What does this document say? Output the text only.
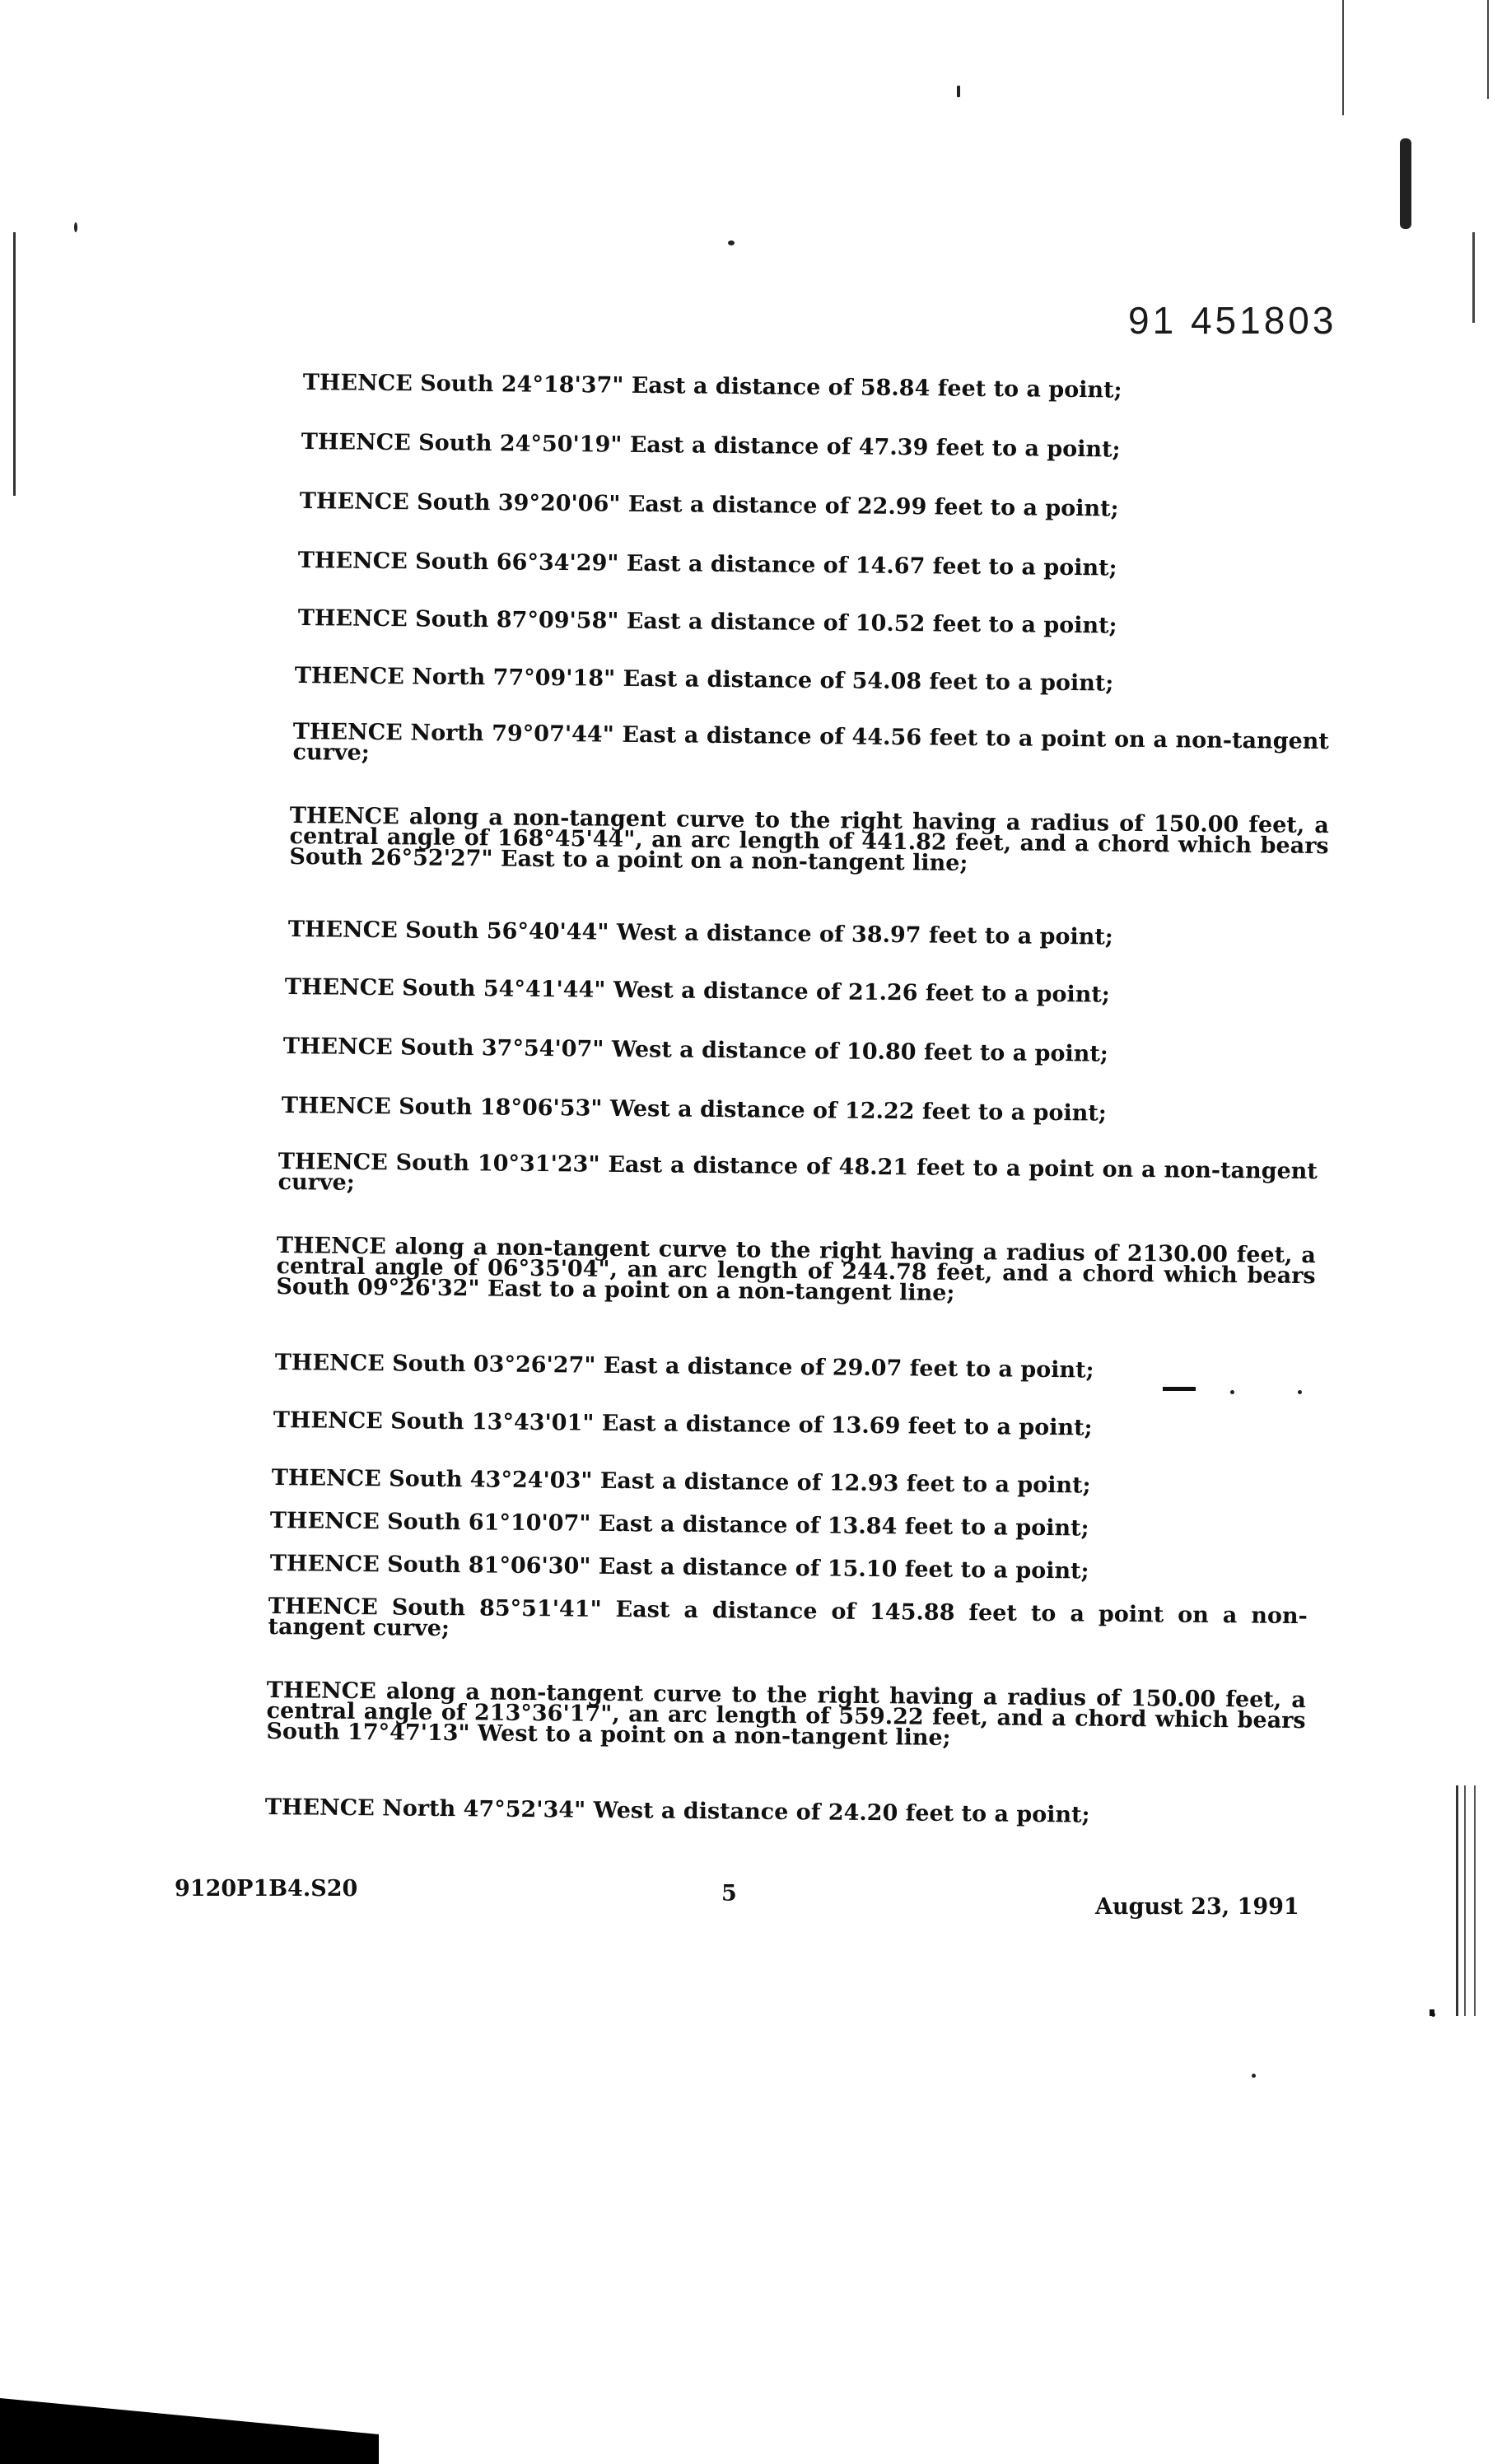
91 451803
THENCE South 24°18'37" East a distance of 58.84 feet to a point;
THENCE South 24°50'19" East a distance of 47.39 feet to a point;
THENCE South 39°20'06" East a distance of 22.99 feet to a point;
THENCE South 66°34'29" East a distance of 14.67 feet to a point;
THENCE South 87°09'58" East a distance of 10.52 feet to a point;
THENCE North 77°09'18" East a distance of 54.08 feet to a point;
THENCE North 79°07'44" East a distance of 44.56 feet to a point on a non-tangent curve;
THENCE along a non-tangent curve to the right having a radius of 150.00 feet, a central angle of 168°45'44", an arc length of 441.82 feet, and a chord which bears South 26°52'27" East to a point on a non-tangent line;
THENCE South 56°40'44" West a distance of 38.97 feet to a point;
THENCE South 54°41'44" West a distance of 21.26 feet to a point;
THENCE South 37°54'07" West a distance of 10.80 feet to a point;
THENCE South 18°06'53" West a distance of 12.22 feet to a point;
THENCE South 10°31'23" East a distance of 48.21 feet to a point on a non-tangent curve;
THENCE along a non-tangent curve to the right having a radius of 2130.00 feet, a central angle of 06°35'04", an arc length of 244.78 feet, and a chord which bears South 09°26'32" East to a point on a non-tangent line;
THENCE South 03°26'27" East a distance of 29.07 feet to a point;
THENCE South 13°43'01" East a distance of 13.69 feet to a point;
THENCE South 43°24'03" East a distance of 12.93 feet to a point;
THENCE South 61°10'07" East a distance of 13.84 feet to a point;
THENCE South 81°06'30" East a distance of 15.10 feet to a point;
THENCE South 85°51'41" East a distance of 145.88 feet to a point on a non-tangent curve;
THENCE along a non-tangent curve to the right having a radius of 150.00 feet, a central angle of 213°36'17", an arc length of 559.22 feet, and a chord which bears South 17°47'13" West to a point on a non-tangent line;
THENCE North 47°52'34" West a distance of 24.20 feet to a point;
9120P1B4.S20	5
August 23, 1991
